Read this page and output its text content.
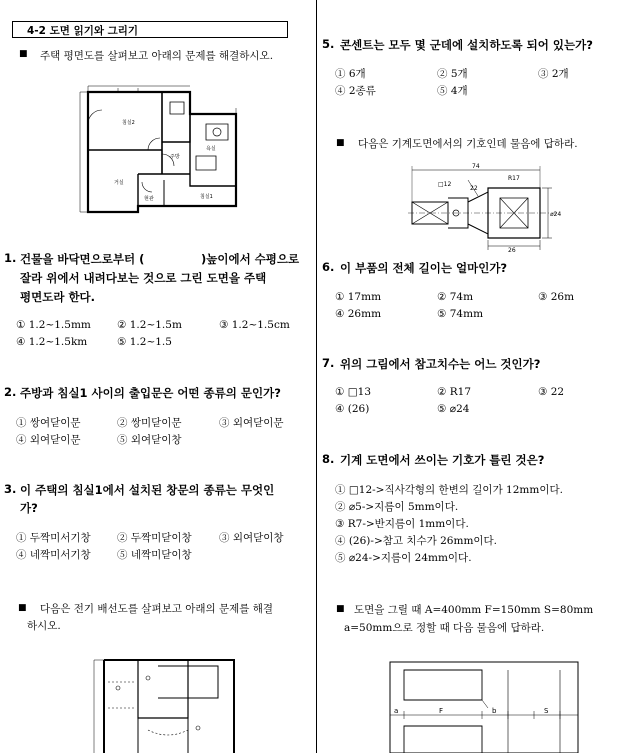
4-2 도면 읽기와 그리기
■ 주택 평면도를 살펴보고 아래의 문제를 해결하시오.
침실2
거실
욕실
주방
침실1
현관
1. 건물을 바닥면으로부터 (	)높이에서 수평으로
잘라 위에서 내려다보는 것으로 그린 도면을 주택
평면도라 한다.
① 1.2~1.5mm ② 1.2~1.5m	③ 1.2~1.5cm
④ 1.2~1.5km	⑤ 1.2~1.5
2. 주방과 침실1 사이의 출입문은 어떤 종류의 문인가?
① 쌍여닫이문	② 쌍미닫이문	③ 외여닫이문
④ 외여닫이문	⑤ 외여닫이창
3. 이 주택의 침실1에서 설치된 창문의 종류는 무엇인
가?
① 두짝미서기창	② 두짝미닫이창	③ 외여닫이창
④ 네짝미서기창	⑤ 네짝미닫이창
■ 다음은 전기 배선도를 살펴보고 아래의 문제를 해결
하시오.
5. 콘센트는 모두 몇 군데에 설치하도록 되어 있는가?
① 6개	② 5개	③ 2개
④ 2종류	⑤ 4개
■ 다음은 기계도면에서의 기호인데 물음에 답하라.
74
R17
□12
⌀24
26
22
6. 이 부품의 전체 길이는 얼마인가?
① 17mm	② 74m	③ 26m
④ 26mm	⑤ 74mm
7. 위의 그림에서 참고치수는 어느 것인가?
① □13	② R17	③ 22
④ (26)	⑤ ⌀24
8. 기계 도면에서 쓰이는 기호가 틀린 것은?
① □12->직사각형의 한변의 길이가 12mm이다.
② ⌀5->지름이 5mm이다.
③ R7->반지름이 1mm이다.
④ (26)->참고 치수가 26mm이다.
⑤ ⌀24->지름이 24mm이다.
■ 도면을 그릴 때 A=400mm F=150mm S=80mm
a=50mm으로 정할 때 다음 물음에 답하라.
a	F	b	S
